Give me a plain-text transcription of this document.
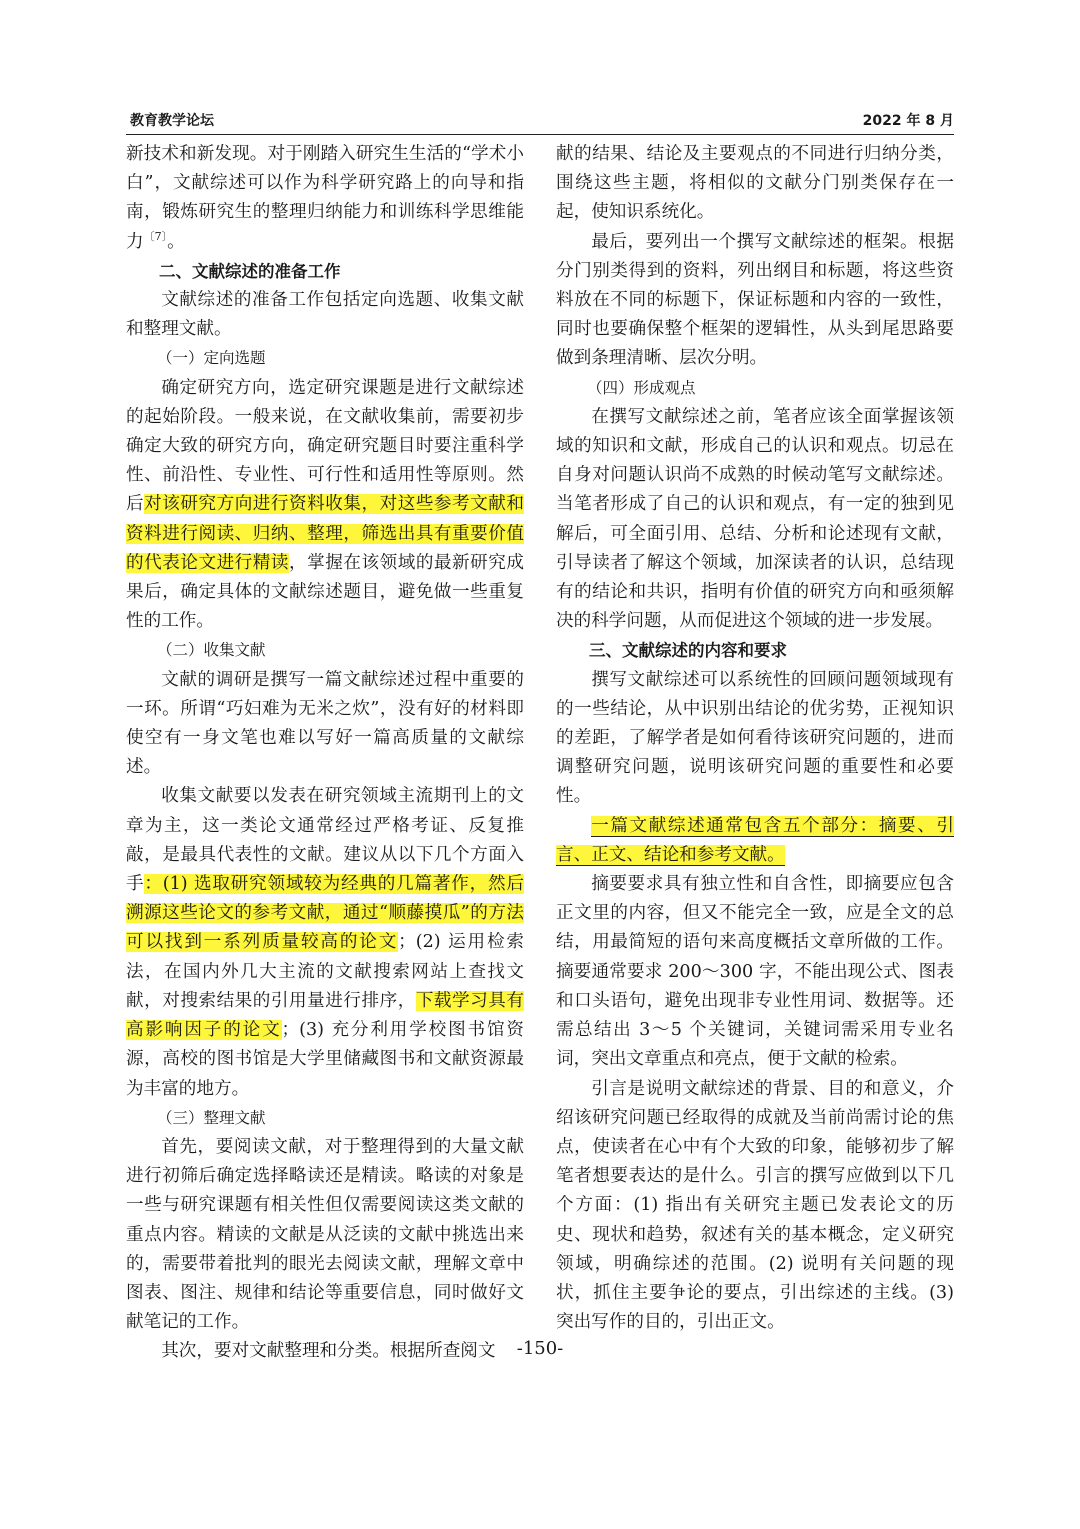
教育教学论坛	2022 年 8 月

新技术和新发现。对于刚踏入研究生生活的“学术小白”，文献综述可以作为科学研究路上的向导和指南，锻炼研究生的整理归纳能力和训练科学思维能力$^{〔7〕}$。

二、文献综述的准备工作

文献综述的准备工作包括定向选题、收集文献和整理文献。

（一）定向选题

确定研究方向，选定研究课题是进行文献综述的起始阶段。一般来说，在文献收集前，需要初步确定大致的研究方向，确定研究题目时要注重科学性、前沿性、专业性、可行性和适用性等原则。然后对该研究方向进行资料收集，对这些参考文献和资料进行阅读、归纳、整理，筛选出具有重要价值的代表论文进行精读，掌握在该领域的最新研究成果后，确定具体的文献综述题目，避免做一些重复性的工作。

（二）收集文献

文献的调研是撰写一篇文献综述过程中重要的一环。所谓“巧妇难为无米之炊”，没有好的材料即使空有一身文笔也难以写好一篇高质量的文献综述。

收集文献要以发表在研究领域主流期刊上的文章为主，这一类论文通常经过严格考证、反复推敲，是最具代表性的文献。建议从以下几个方面入手：(1) 选取研究领域较为经典的几篇著作，然后溯源这些论文的参考文献，通过“顺藤摸瓜”的方法可以找到一系列质量较高的论文；(2) 运用检索法，在国内外几大主流的文献搜索网站上查找文献，对搜索结果的引用量进行排序，下载学习具有高影响因子的论文；(3) 充分利用学校图书馆资源，高校的图书馆是大学里储藏图书和文献资源最为丰富的地方。

（三）整理文献

首先，要阅读文献，对于整理得到的大量文献进行初筛后确定选择略读还是精读。略读的对象是一些与研究课题有相关性但仅需要阅读这类文献的重点内容。精读的文献是从泛读的文献中挑选出来的，需要带着批判的眼光去阅读文献，理解文章中图表、图注、规律和结论等重要信息，同时做好文献笔记的工作。

其次，要对文献整理和分类。根据所查阅文

献的结果、结论及主要观点的不同进行归纳分类，围绕这些主题，将相似的文献分门别类保存在一起，使知识系统化。

最后，要列出一个撰写文献综述的框架。根据分门别类得到的资料，列出纲目和标题，将这些资料放在不同的标题下，保证标题和内容的一致性，同时也要确保整个框架的逻辑性，从头到尾思路要做到条理清晰、层次分明。

（四）形成观点

在撰写文献综述之前，笔者应该全面掌握该领域的知识和文献，形成自己的认识和观点。切忌在自身对问题认识尚不成熟的时候动笔写文献综述。当笔者形成了自己的认识和观点，有一定的独到见解后，可全面引用、总结、分析和论述现有文献，引导读者了解这个领域，加深读者的认识，总结现有的结论和共识，指明有价值的研究方向和亟须解决的科学问题，从而促进这个领域的进一步发展。

三、文献综述的内容和要求

撰写文献综述可以系统性的回顾问题领域现有的一些结论，从中识别出结论的优劣势，正视知识的差距，了解学者是如何看待该研究问题的，进而调整研究问题，说明该研究问题的重要性和必要性。

一篇文献综述通常包含五个部分：摘要、引言、正文、结论和参考文献。

摘要要求具有独立性和自含性，即摘要应包含正文里的内容，但又不能完全一致，应是全文的总结，用最简短的语句来高度概括文章所做的工作。摘要通常要求 200～300 字，不能出现公式、图表和口头语句，避免出现非专业性用词、数据等。还需总结出 3～5 个关键词，关键词需采用专业名词，突出文章重点和亮点，便于文献的检索。

引言是说明文献综述的背景、目的和意义，介绍该研究问题已经取得的成就及当前尚需讨论的焦点，使读者在心中有个大致的印象，能够初步了解笔者想要表达的是什么。引言的撰写应做到以下几个方面：(1) 指出有关研究主题已发表论文的历史、现状和趋势，叙述有关的基本概念，定义研究领域，明确综述的范围。(2) 说明有关问题的现状，抓住主要争论的要点，引出综述的主线。(3) 突出写作的目的，引出正文。

-150-
